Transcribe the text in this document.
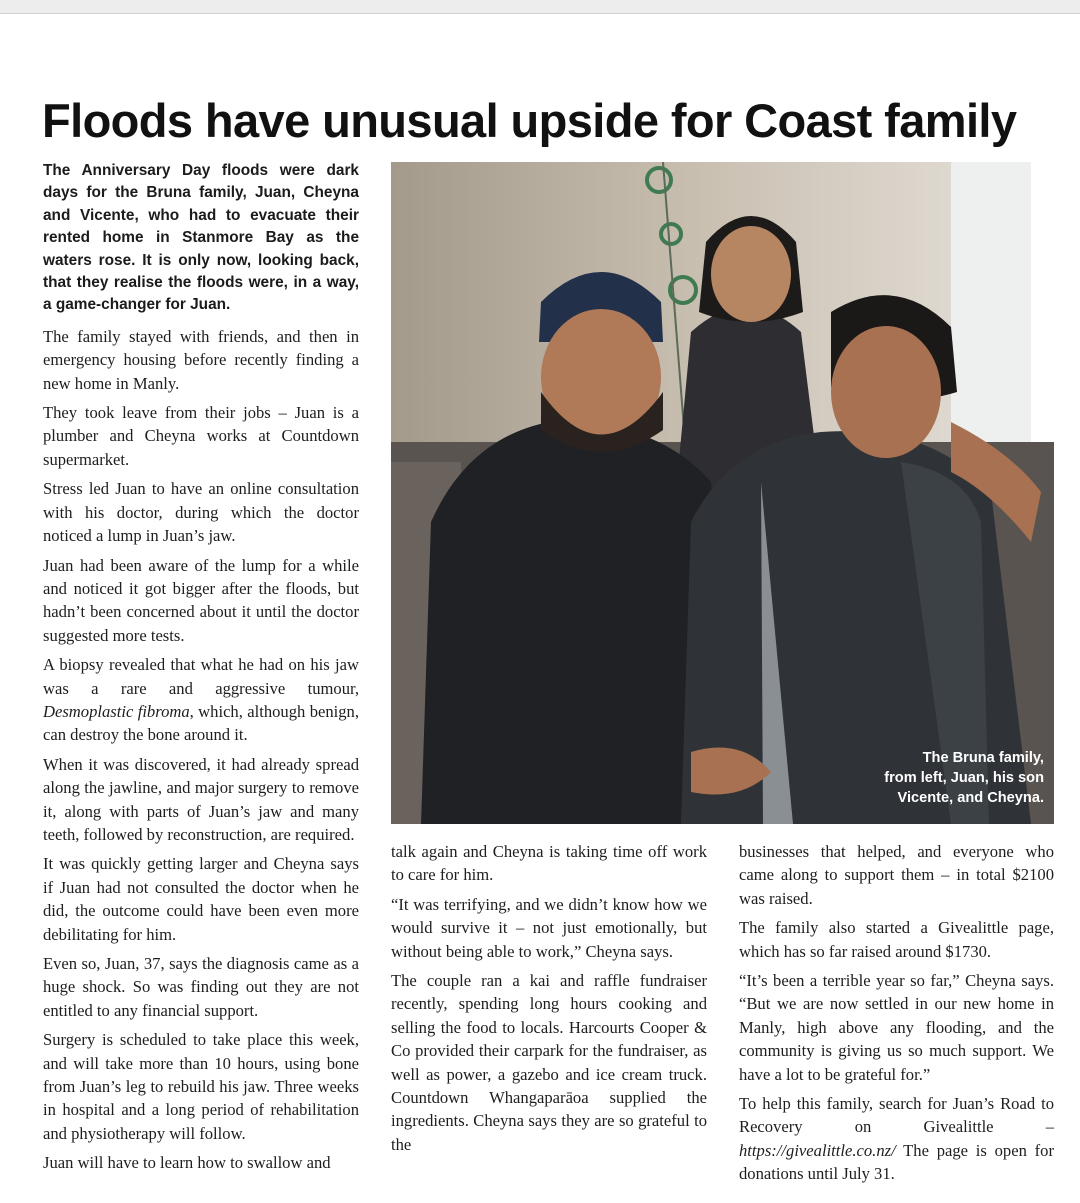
Floods have unusual upside for Coast family

The Anniversary Day floods were dark days for the Bruna family, Juan, Cheyna and Vicente, who had to evacuate their rented home in Stanmore Bay as the waters rose. It is only now, looking back, that they realise the floods were, in a way, a game-changer for Juan.

The family stayed with friends, and then in emergency housing before recently finding a new home in Manly.

They took leave from their jobs – Juan is a plumber and Cheyna works at Countdown supermarket.

Stress led Juan to have an online consultation with his doctor, during which the doctor noticed a lump in Juan’s jaw.

Juan had been aware of the lump for a while and noticed it got bigger after the floods, but hadn’t been concerned about it until the doctor suggested more tests.

A biopsy revealed that what he had on his jaw was a rare and aggressive tumour, Desmoplastic fibroma, which, although benign, can destroy the bone around it.

When it was discovered, it had already spread along the jawline, and major surgery to remove it, along with parts of Juan’s jaw and many teeth, followed by reconstruction, are required.

It was quickly getting larger and Cheyna says if Juan had not consulted the doctor when he did, the outcome could have been even more debilitating for him.

Even so, Juan, 37, says the diagnosis came as a huge shock. So was finding out they are not entitled to any financial support.

Surgery is scheduled to take place this week, and will take more than 10 hours, using bone from Juan’s leg to rebuild his jaw. Three weeks in hospital and a long period of rehabilitation and physiotherapy will follow.

Juan will have to learn how to swallow and

The Bruna family,
from left, Juan, his son
Vicente, and Cheyna.

talk again and Cheyna is taking time off work to care for him.

“It was terrifying, and we didn’t know how we would survive it – not just emotionally, but without being able to work,” Cheyna says.

The couple ran a kai and raffle fundraiser recently, spending long hours cooking and selling the food to locals. Harcourts Cooper & Co provided their carpark for the fundraiser, as well as power, a gazebo and ice cream truck. Countdown Whangaparāoa supplied the ingredients. Cheyna says they are so grateful to the

businesses that helped, and everyone who came along to support them – in total $2100 was raised.

The family also started a Givealittle page, which has so far raised around $1730.

“It’s been a terrible year so far,” Cheyna says. “But we are now settled in our new home in Manly, high above any flooding, and the community is giving us so much support. We have a lot to be grateful for.”

To help this family, search for Juan’s Road to Recovery on Givealittle – https://givealittle.co.nz/ The page is open for donations until July 31.
